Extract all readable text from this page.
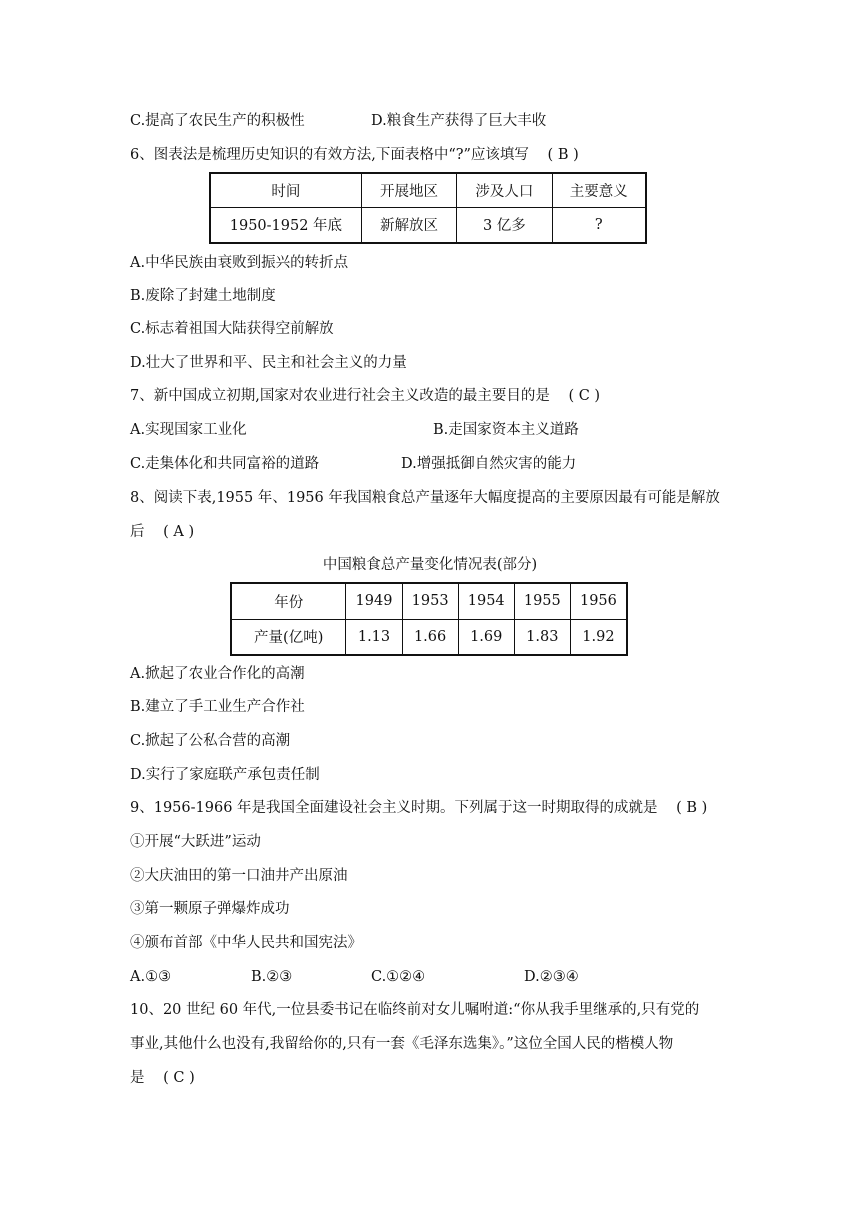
C.提高了农民生产的积极性	D.粮食生产获得了巨大丰收
6、图表法是梳理历史知识的有效方法,下面表格中“?”应该填写 ( B )
时间	开展地区	涉及人口	主要意义
1950-1952 年底	新解放区	3 亿多	?
A.中华民族由衰败到振兴的转折点
B.废除了封建土地制度
C.标志着祖国大陆获得空前解放
D.壮大了世界和平、民主和社会主义的力量
7、新中国成立初期,国家对农业进行社会主义改造的最主要目的是 ( C )
A.实现国家工业化	B.走国家资本主义道路
C.走集体化和共同富裕的道路	D.增强抵御自然灾害的能力
8、阅读下表,1955 年、1956 年我国粮食总产量逐年大幅度提高的主要原因最有可能是解放
后 ( A )
中国粮食总产量变化情况表(部分)
年份	1949	1953	1954	1955	1956
产量(亿吨)	1.13	1.66	1.69	1.83	1.92
A.掀起了农业合作化的高潮
B.建立了手工业生产合作社
C.掀起了公私合营的高潮
D.实行了家庭联产承包责任制
9、1956-1966 年是我国全面建设社会主义时期。下列属于这一时期取得的成就是 ( B )
①开展“大跃进”运动
②大庆油田的第一口油井产出原油
③第一颗原子弹爆炸成功
④颁布首部《中华人民共和国宪法》
A.①③	B.②③	C.①②④	D.②③④
10、20 世纪 60 年代,一位县委书记在临终前对女儿嘱咐道:“你从我手里继承的,只有党的
事业,其他什么也没有,我留给你的,只有一套《毛泽东选集》。”这位全国人民的楷模人物
是 ( C )
